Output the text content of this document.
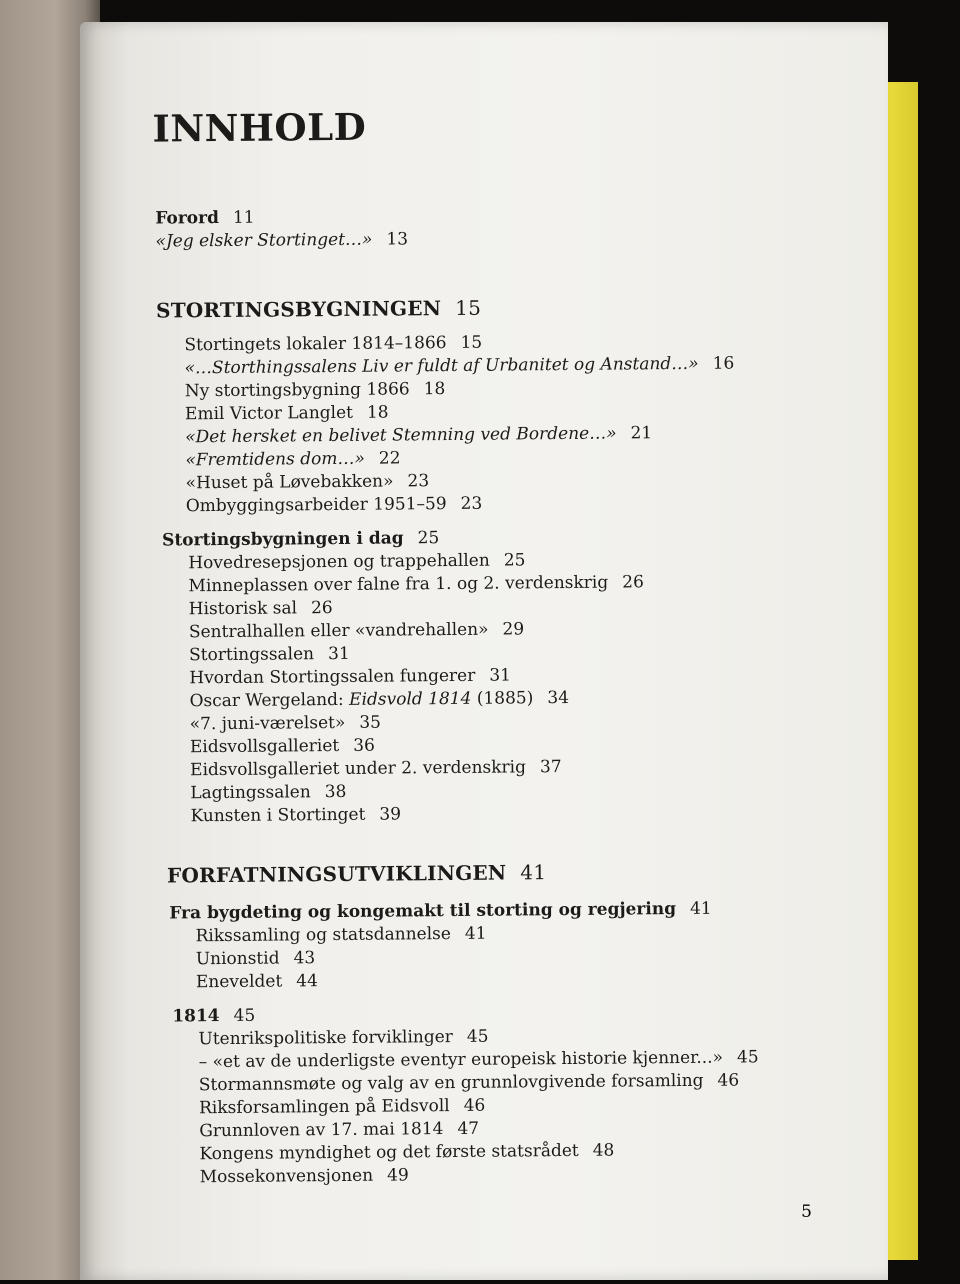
INNHOLD
Forord 11
«Jeg elsker Stortinget…» 13
STORTINGSBYGNINGEN 15
Stortingets lokaler 1814–1866 15
«…Storthingssalens Liv er fuldt af Urbanitet og Anstand…» 16
Ny stortingsbygning 1866 18
Emil Victor Langlet 18
«Det hersket en belivet Stemning ved Bordene…» 21
«Fremtidens dom…» 22
«Huset på Løvebakken» 23
Ombyggingsarbeider 1951–59 23
Stortingsbygningen i dag 25
Hovedresepsjonen og trappehallen 25
Minneplassen over falne fra 1. og 2. verdenskrig 26
Historisk sal 26
Sentralhallen eller «vandrehallen» 29
Stortingssalen 31
Hvordan Stortingssalen fungerer 31
Oscar Wergeland: Eidsvold 1814 (1885) 34
«7. juni-værelset» 35
Eidsvollsgalleriet 36
Eidsvollsgalleriet under 2. verdenskrig 37
Lagtingssalen 38
Kunsten i Stortinget 39
FORFATNINGSUTVIKLINGEN 41
Fra bygdeting og kongemakt til storting og regjering 41
Rikssamling og statsdannelse 41
Unionstid 43
Eneveldet 44
1814 45
Utenrikspolitiske forviklinger 45
– «et av de underligste eventyr europeisk historie kjenner...» 45
Stormannsmøte og valg av en grunnlovgivende forsamling 46
Riksforsamlingen på Eidsvoll 46
Grunnloven av 17. mai 1814 47
Kongens myndighet og det første statsrådet 48
Mossekonvensjonen 49
5
